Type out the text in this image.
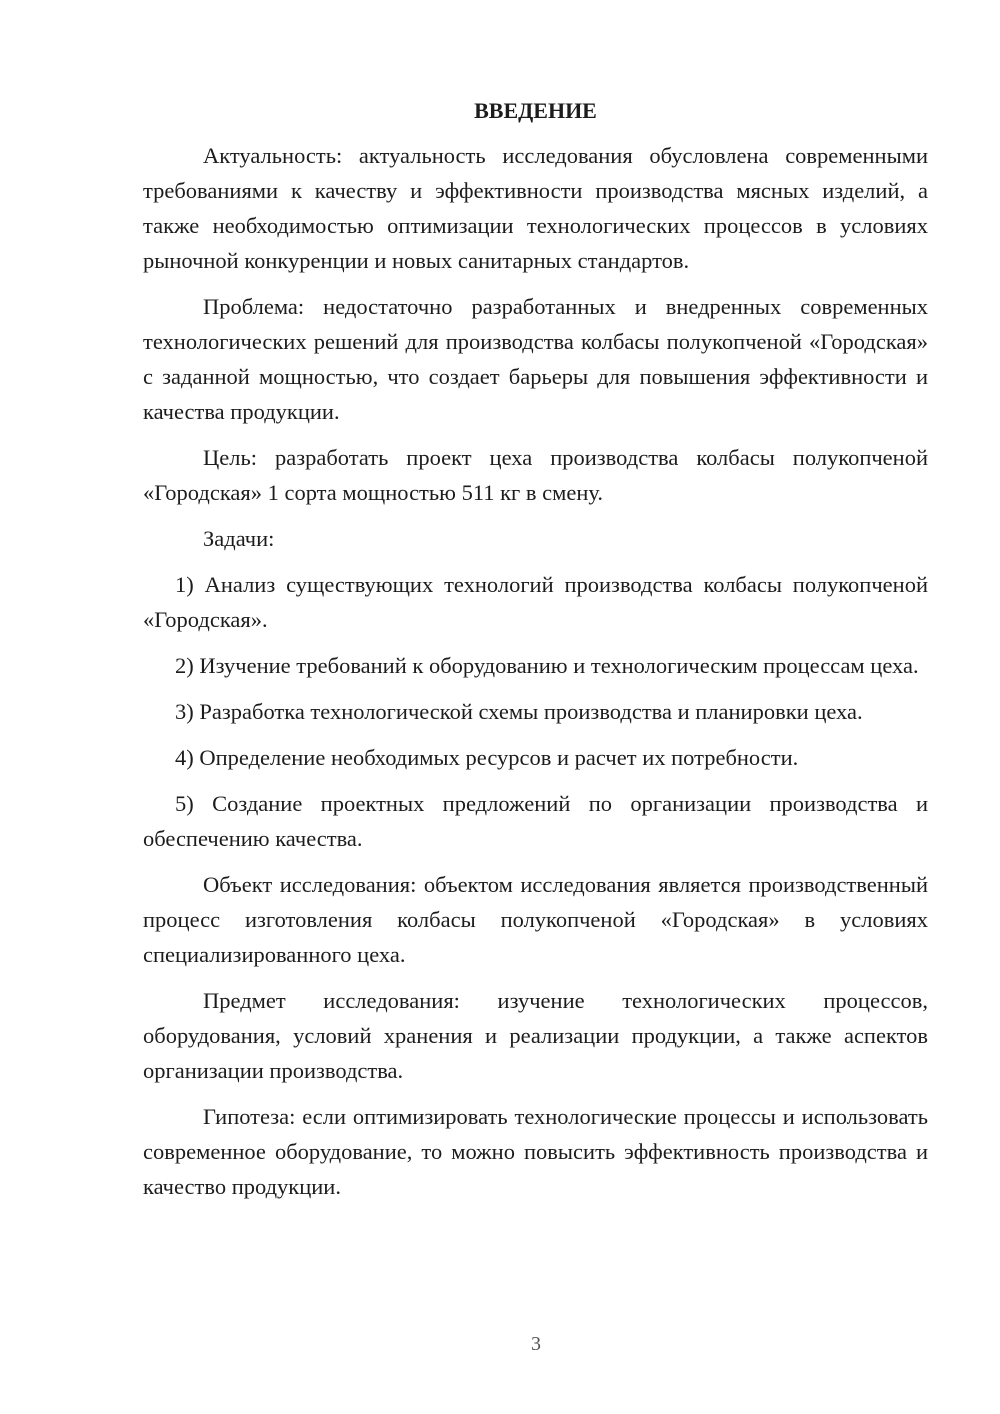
ВВЕДЕНИЕ

Актуальность: актуальность исследования обусловлена современными требованиями к качеству и эффективности производства мясных изделий, а также необходимостью оптимизации технологических процессов в условиях рыночной конкуренции и новых санитарных стандартов.

Проблема: недостаточно разработанных и внедренных современных технологических решений для производства колбасы полукопченой «Городская» с заданной мощностью, что создает барьеры для повышения эффективности и качества продукции.

Цель: разработать проект цеха производства колбасы полукопченой «Городская» 1 сорта мощностью 511 кг в смену.

Задачи:

1) Анализ существующих технологий производства колбасы полукопченой «Городская».

2) Изучение требований к оборудованию и технологическим процессам цеха.

3) Разработка технологической схемы производства и планировки цеха.

4) Определение необходимых ресурсов и расчет их потребности.

5) Создание проектных предложений по организации производства и обеспечению качества.

Объект исследования: объектом исследования является производственный процесс изготовления колбасы полукопченой «Городская» в условиях специализированного цеха.

Предмет исследования: изучение технологических процессов, оборудования, условий хранения и реализации продукции, а также аспектов организации производства.

Гипотеза: если оптимизировать технологические процессы и использовать современное оборудование, то можно повысить эффективность производства и качество продукции.

3
